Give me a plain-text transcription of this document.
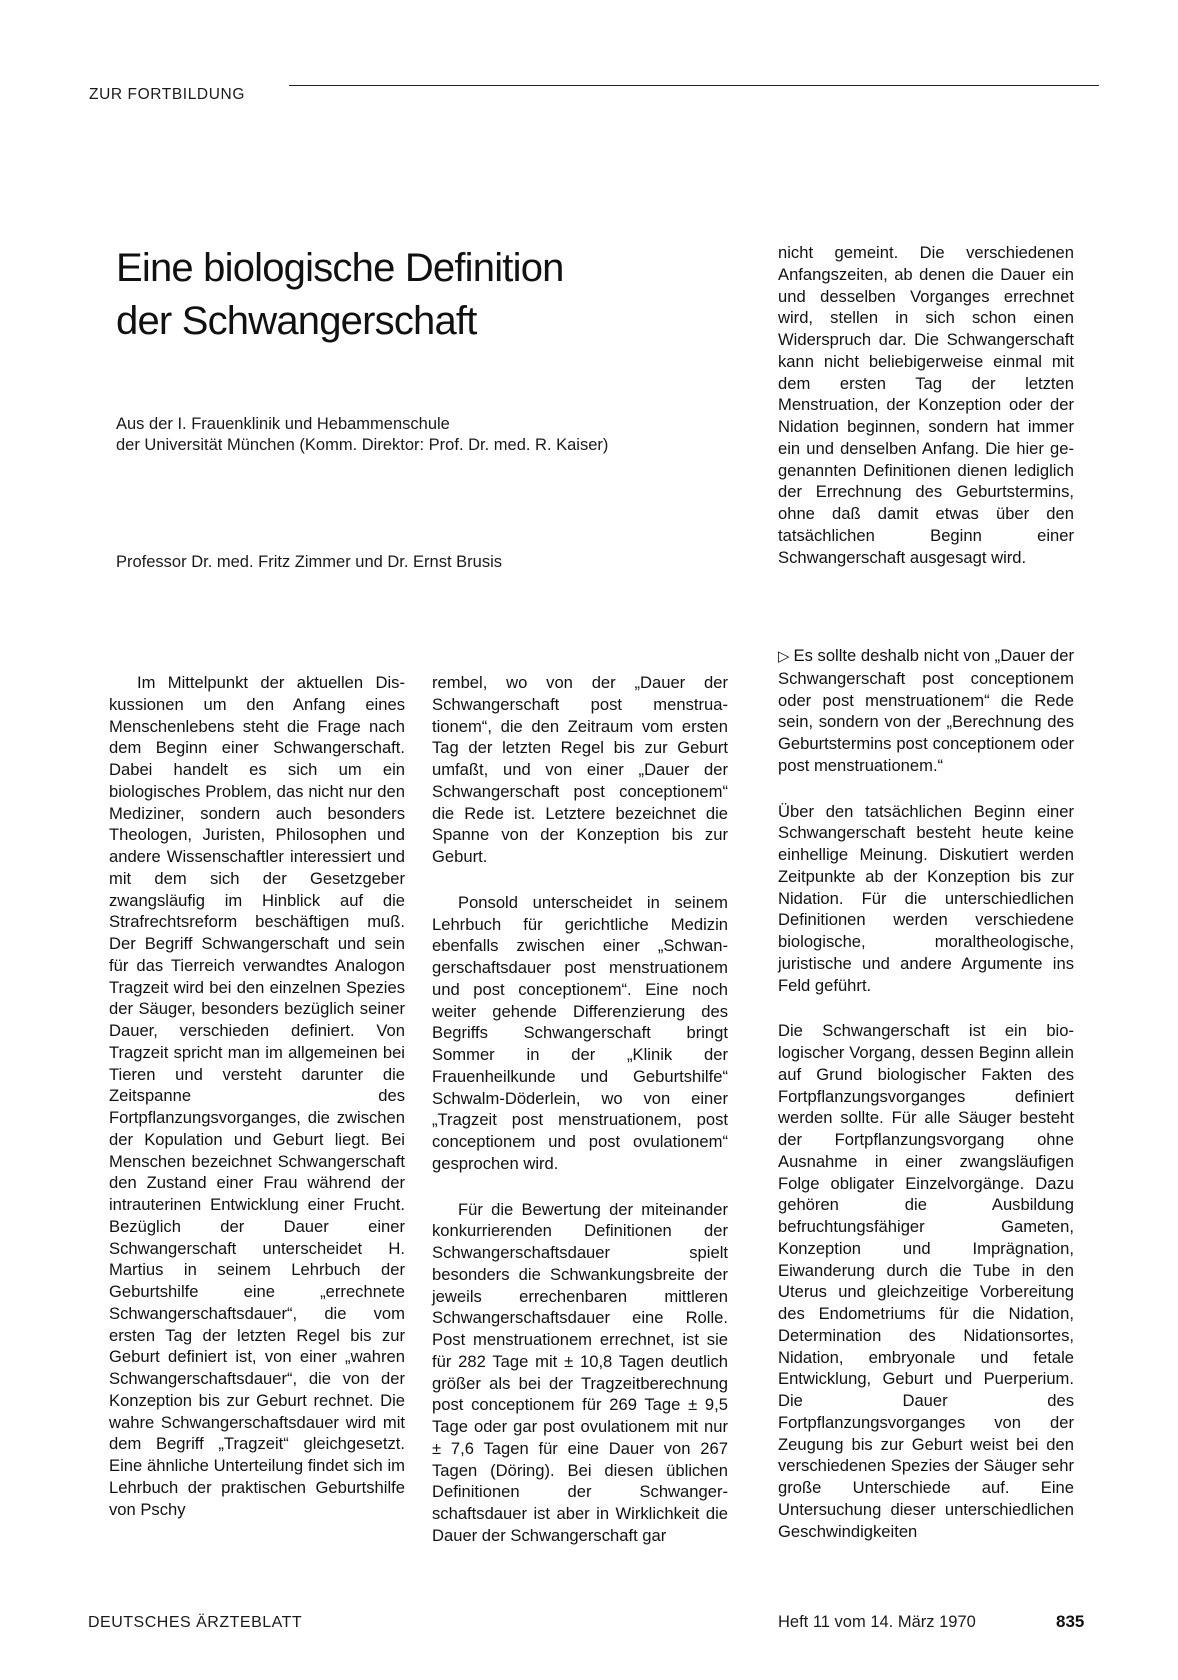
ZUR FORTBILDUNG
Eine biologische Definition
der Schwangerschaft
Aus der I. Frauenklinik und Hebammenschule
der Universität München (Komm. Direktor: Prof. Dr. med. R. Kaiser)
Professor Dr. med. Fritz Zimmer und Dr. Ernst Brusis

Im Mittelpunkt der aktuellen Diskussionen um den Anfang eines Menschenlebens steht die Frage nach dem Beginn einer Schwangerschaft. Dabei handelt es sich um ein biologisches Problem, das nicht nur den Mediziner, sondern auch besonders Theologen, Juristen, Philosophen und andere Wissenschaftler interessiert und mit dem sich der Gesetzgeber zwangsläufig im Hinblick auf die Strafrechtsreform beschäftigen muß. Der Begriff Schwangerschaft und sein für das Tierreich verwandtes Analogon Tragzeit wird bei den einzelnen Spezies der Säuger, besonders bezüglich seiner Dauer, verschieden definiert. Von Tragzeit spricht man im allgemeinen bei Tieren und versteht darunter die Zeitspanne des Fortpflanzungsvorganges, die zwischen der Kopulation und Geburt liegt. Bei Menschen bezeichnet Schwangerschaft den Zustand einer Frau während der intrauterinen Entwicklung einer Frucht. Bezüglich der Dauer einer Schwangerschaft unterscheidet H. Martius in seinem Lehrbuch der Geburtshilfe eine „errechnete Schwangerschaftsdauer“, die vom ersten Tag der letzten Regel bis zur Geburt definiert ist, von einer „wahren Schwangerschaftsdauer“, die von der Konzeption bis zur Geburt rechnet. Die wahre Schwangerschaftsdauer wird mit dem Begriff „Tragzeit“ gleichgesetzt. Eine ähnliche Unterteilung findet sich im Lehrbuch der praktischen Geburtshilfe von Pschy

rembel, wo von der „Dauer der Schwangerschaft post menstruationem“, die den Zeitraum vom ersten Tag der letzten Regel bis zur Geburt umfaßt, und von einer „Dauer der Schwangerschaft post conceptionem“ die Rede ist. Letztere bezeichnet die Spanne von der Konzeption bis zur Geburt.

Ponsold unterscheidet in seinem Lehrbuch für gerichtliche Medizin ebenfalls zwischen einer „Schwangerschaftsdauer post menstruationem und post conceptionem“. Eine noch weiter gehende Differenzierung des Begriffs Schwangerschaft bringt Sommer in der „Klinik der Frauenheilkunde und Geburtshilfe“ Schwalm-Döderlein, wo von einer „Tragzeit post menstruationem, post conceptionem und post ovulationem“ gesprochen wird.

Für die Bewertung der miteinander konkurrierenden Definitionen der Schwangerschaftsdauer spielt besonders die Schwankungsbreite der jeweils errechenbaren mittleren Schwangerschaftsdauer eine Rolle. Post menstruationem errechnet, ist sie für 282 Tage mit ± 10,8 Tagen deutlich größer als bei der Tragzeitberechnung post conceptionem für 269 Tage ± 9,5 Tage oder gar post ovulationem mit nur ± 7,6 Tagen für eine Dauer von 267 Tagen (Döring). Bei diesen üblichen Definitionen der Schwangerschaftsdauer ist aber in Wirklichkeit die Dauer der Schwangerschaft gar

nicht gemeint. Die verschiedenen Anfangszeiten, ab denen die Dauer ein und desselben Vorganges errechnet wird, stellen in sich schon einen Widerspruch dar. Die Schwangerschaft kann nicht beliebigerweise einmal mit dem ersten Tag der letzten Menstruation, der Konzeption oder der Nidation beginnen, sondern hat immer ein und denselben Anfang. Die hier gegenannten Definitionen dienen lediglich der Errechnung des Geburtstermins, ohne daß damit etwas über den tatsächlichen Beginn einer Schwangerschaft ausgesagt wird.

▷ Es sollte deshalb nicht von „Dauer der Schwangerschaft post conceptionem oder post menstruationem“ die Rede sein, sondern von der „Berechnung des Geburtstermins post conceptionem oder post menstruationem.“

Über den tatsächlichen Beginn einer Schwangerschaft besteht heute keine einhellige Meinung. Diskutiert werden Zeitpunkte ab der Konzeption bis zur Nidation. Für die unterschiedlichen Definitionen werden verschiedene biologische, moraltheologische, juristische und andere Argumente ins Feld geführt.

Die Schwangerschaft ist ein biologischer Vorgang, dessen Beginn allein auf Grund biologischer Fakten des Fortpflanzungsvorganges definiert werden sollte. Für alle Säuger besteht der Fortpflanzungsvorgang ohne Ausnahme in einer zwangsläufigen Folge obligater Einzelvorgänge. Dazu gehören die Ausbildung befruchtungsfähiger Gameten, Konzeption und Imprägnation, Eiwanderung durch die Tube in den Uterus und gleichzeitige Vorbereitung des Endometriums für die Nidation, Determination des Nidationsortes, Nidation, embryonale und fetale Entwicklung, Geburt und Puerperium. Die Dauer des Fortpflanzungsvorganges von der Zeugung bis zur Geburt weist bei den verschiedenen Spezies der Säuger sehr große Unterschiede auf. Eine Untersuchung dieser unterschiedlichen Geschwindigkeiten

DEUTSCHES ÄRZTEBLATT	Heft 11 vom 14. März 1970	835
